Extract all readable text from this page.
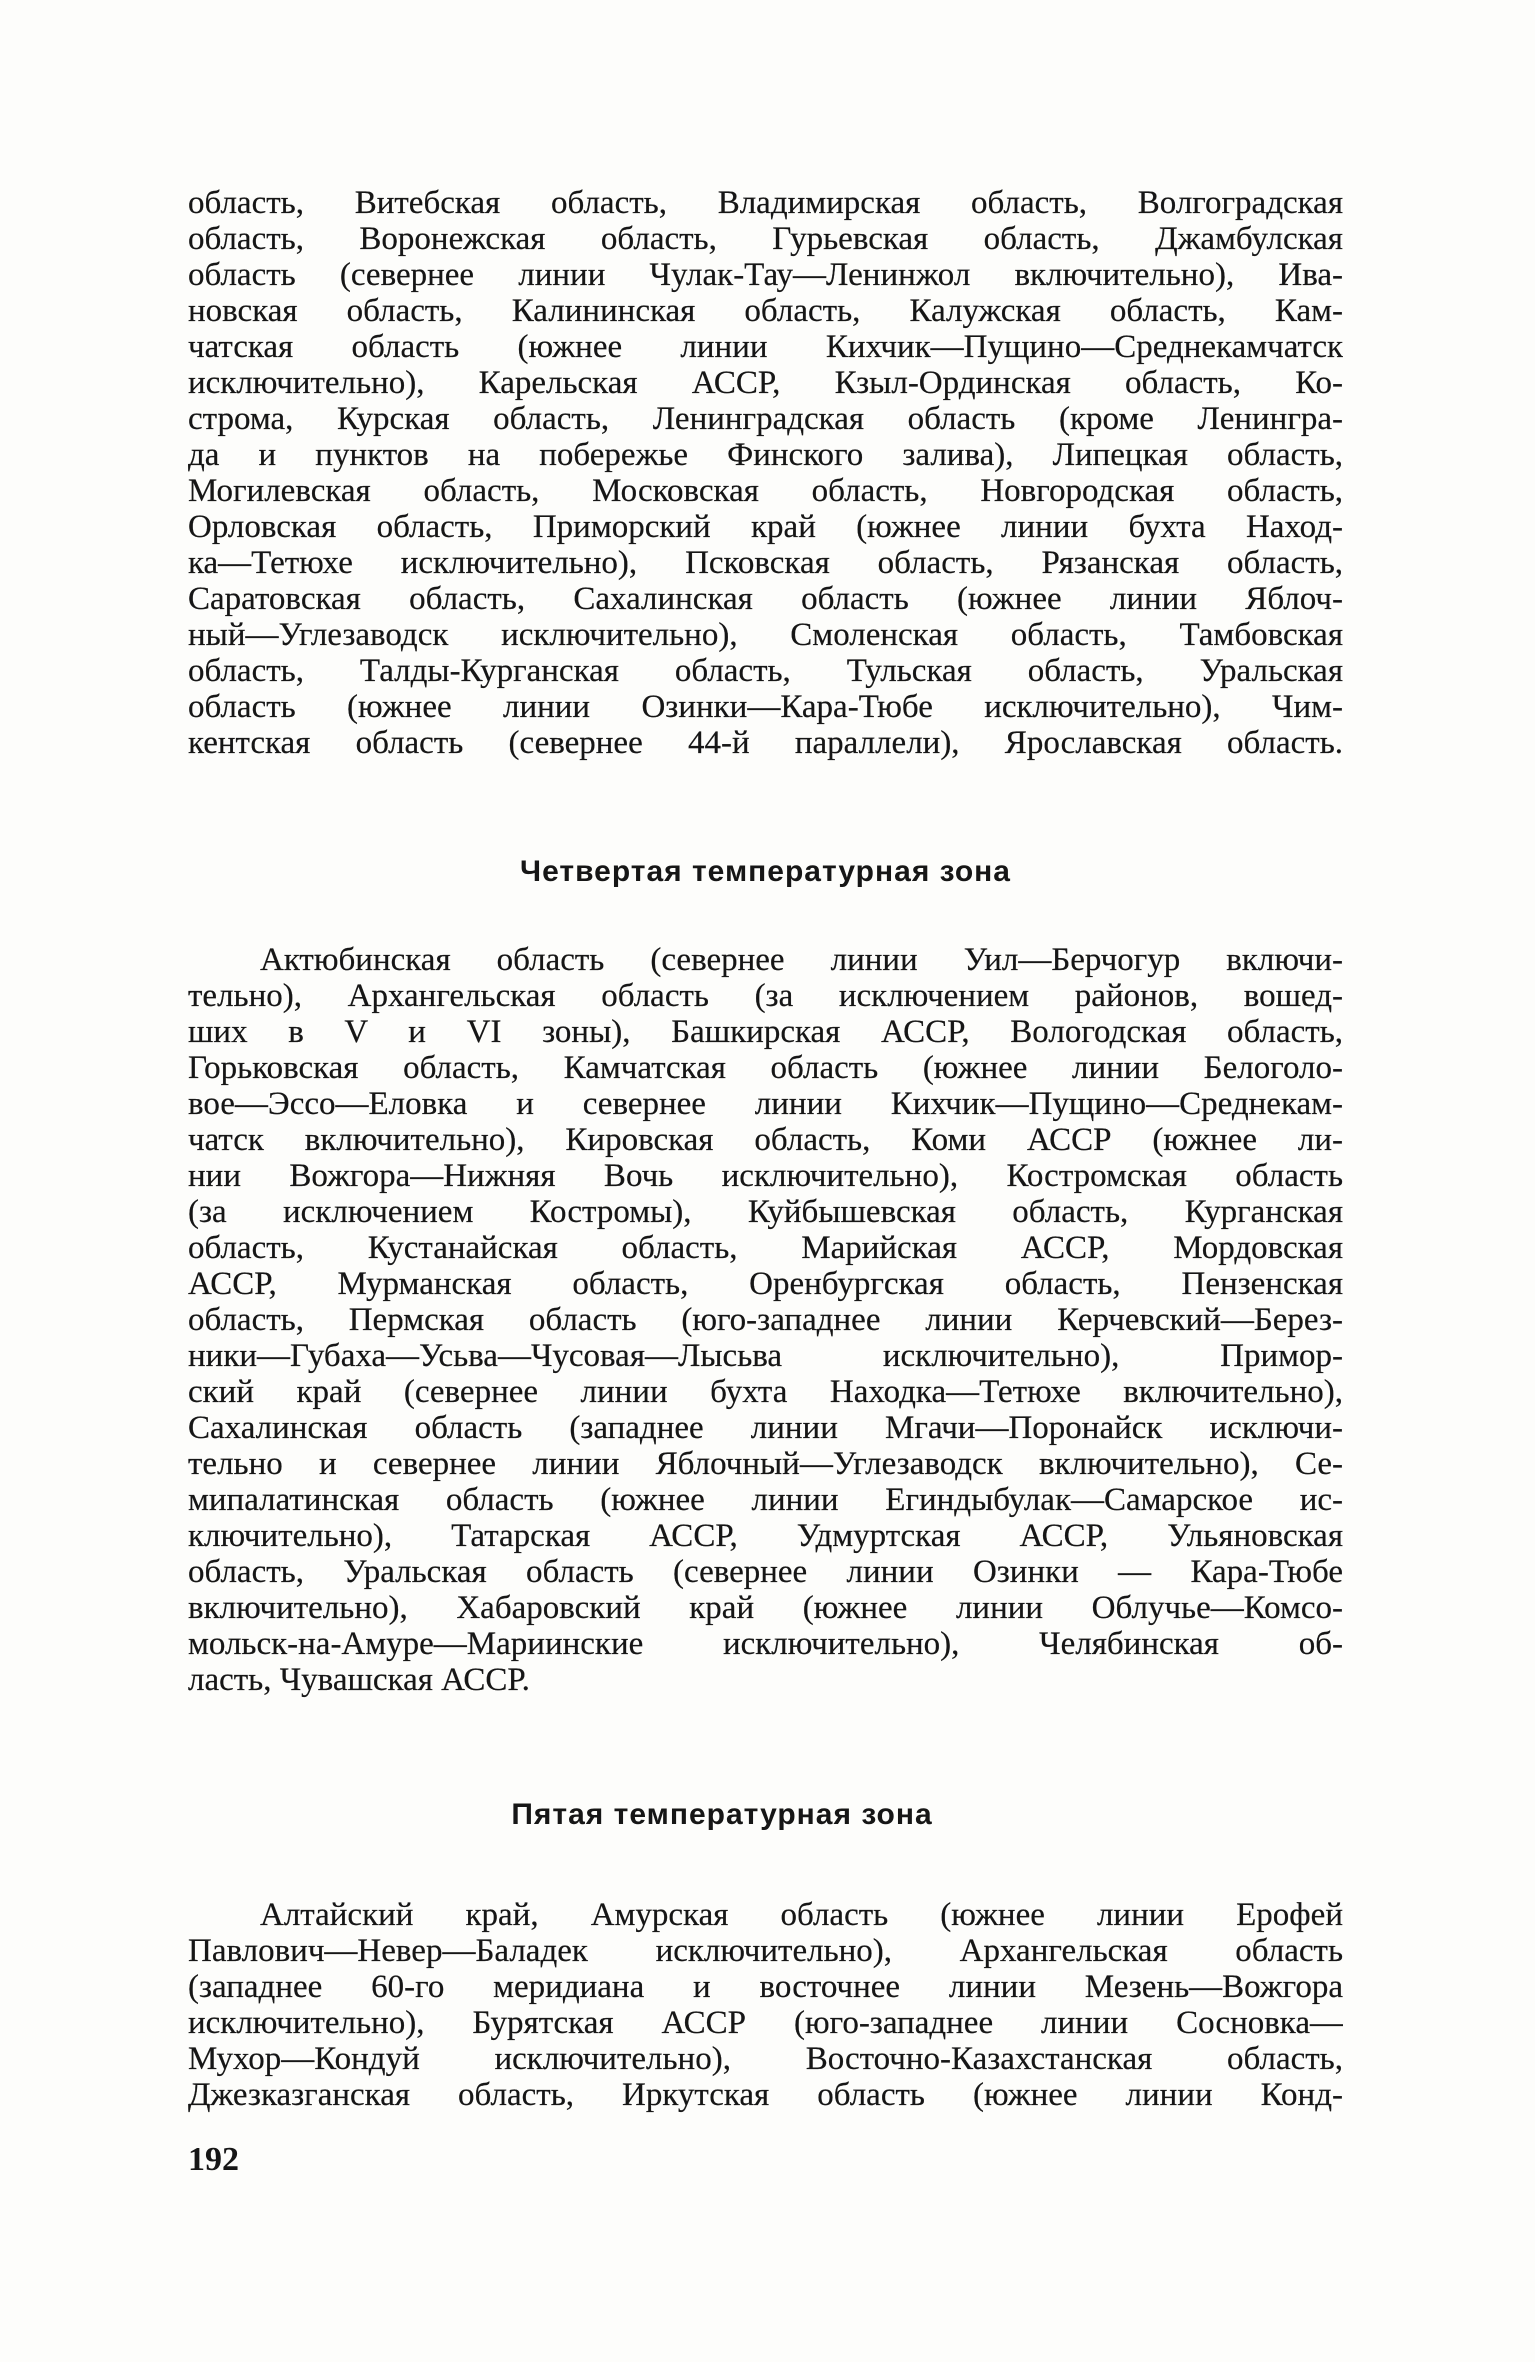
область, Витебская область, Владимирская область, Волгоградская
область, Воронежская область, Гурьевская область, Джамбулская
область (севернее линии Чулак-Тау—Ленинжол включительно), Ива-
новская область, Калининская область, Калужская область, Кам-
чатская область (южнее линии Кихчик—Пущино—Среднекамчатск
исключительно), Карельская АССР, Кзыл-Ординская область, Ко-
строма, Курская область, Ленинградская область (кроме Ленингра-
да и пунктов на побережье Финского залива), Липецкая область,
Могилевская область, Московская область, Новгородская область,
Орловская область, Приморский край (южнее линии бухта Наход-
ка—Тетюхе исключительно), Псковская область, Рязанская область,
Саратовская область, Сахалинская область (южнее линии Яблоч-
ный—Углезаводск исключительно), Смоленская область, Тамбовская
область, Талды-Курганская область, Тульская область, Уральская
область (южнее линии Озинки—Кара-Тюбе исключительно), Чим-
кентская область (севернее 44-й параллели), Ярославская область.
Четвертая температурная зона
Актюбинская область (севернее линии Уил—Берчогур включи-
тельно), Архангельская область (за исключением районов, вошед-
ших в V и VI зоны), Башкирская АССР, Вологодская область,
Горьковская область, Камчатская область (южнее линии Белоголо-
вое—Эссо—Еловка и севернее линии Кихчик—Пущино—Среднекам-
чатск включительно), Кировская область, Коми АССР (южнее ли-
нии Вожгора—Нижняя Вочь исключительно), Костромская область
(за исключением Костромы), Куйбышевская область, Курганская
область, Кустанайская область, Марийская АССР, Мордовская
АССР, Мурманская область, Оренбургская область, Пензенская
область, Пермская область (юго-западнее линии Керчевский—Берез-
ники—Губаха—Усьва—Чусовая—Лысьва исключительно), Примор-
ский край (севернее линии бухта Находка—Тетюхе включительно),
Сахалинская область (западнее линии Мгачи—Поронайск исключи-
тельно и севернее линии Яблочный—Углезаводск включительно), Се-
мипалатинская область (южнее линии Егиндыбулак—Самарское ис-
ключительно), Татарская АССР, Удмуртская АССР, Ульяновская
область, Уральская область (севернее линии Озинки — Кара-Тюбе
включительно), Хабаровский край (южнее линии Облучье—Комсо-
мольск-на-Амуре—Мариинские исключительно), Челябинская об-
ласть, Чувашская АССР.
Пятая температурная зона
Алтайский край, Амурская область (южнее линии Ерофей
Павлович—Невер—Баладек исключительно), Архангельская область
(западнее 60-го меридиана и восточнее линии Мезень—Вожгора
исключительно), Бурятская АССР (юго-западнее линии Сосновка—
Мухор—Кондуй исключительно), Восточно-Казахстанская область,
Джезказганская область, Иркутская область (южнее линии Конд-
192
